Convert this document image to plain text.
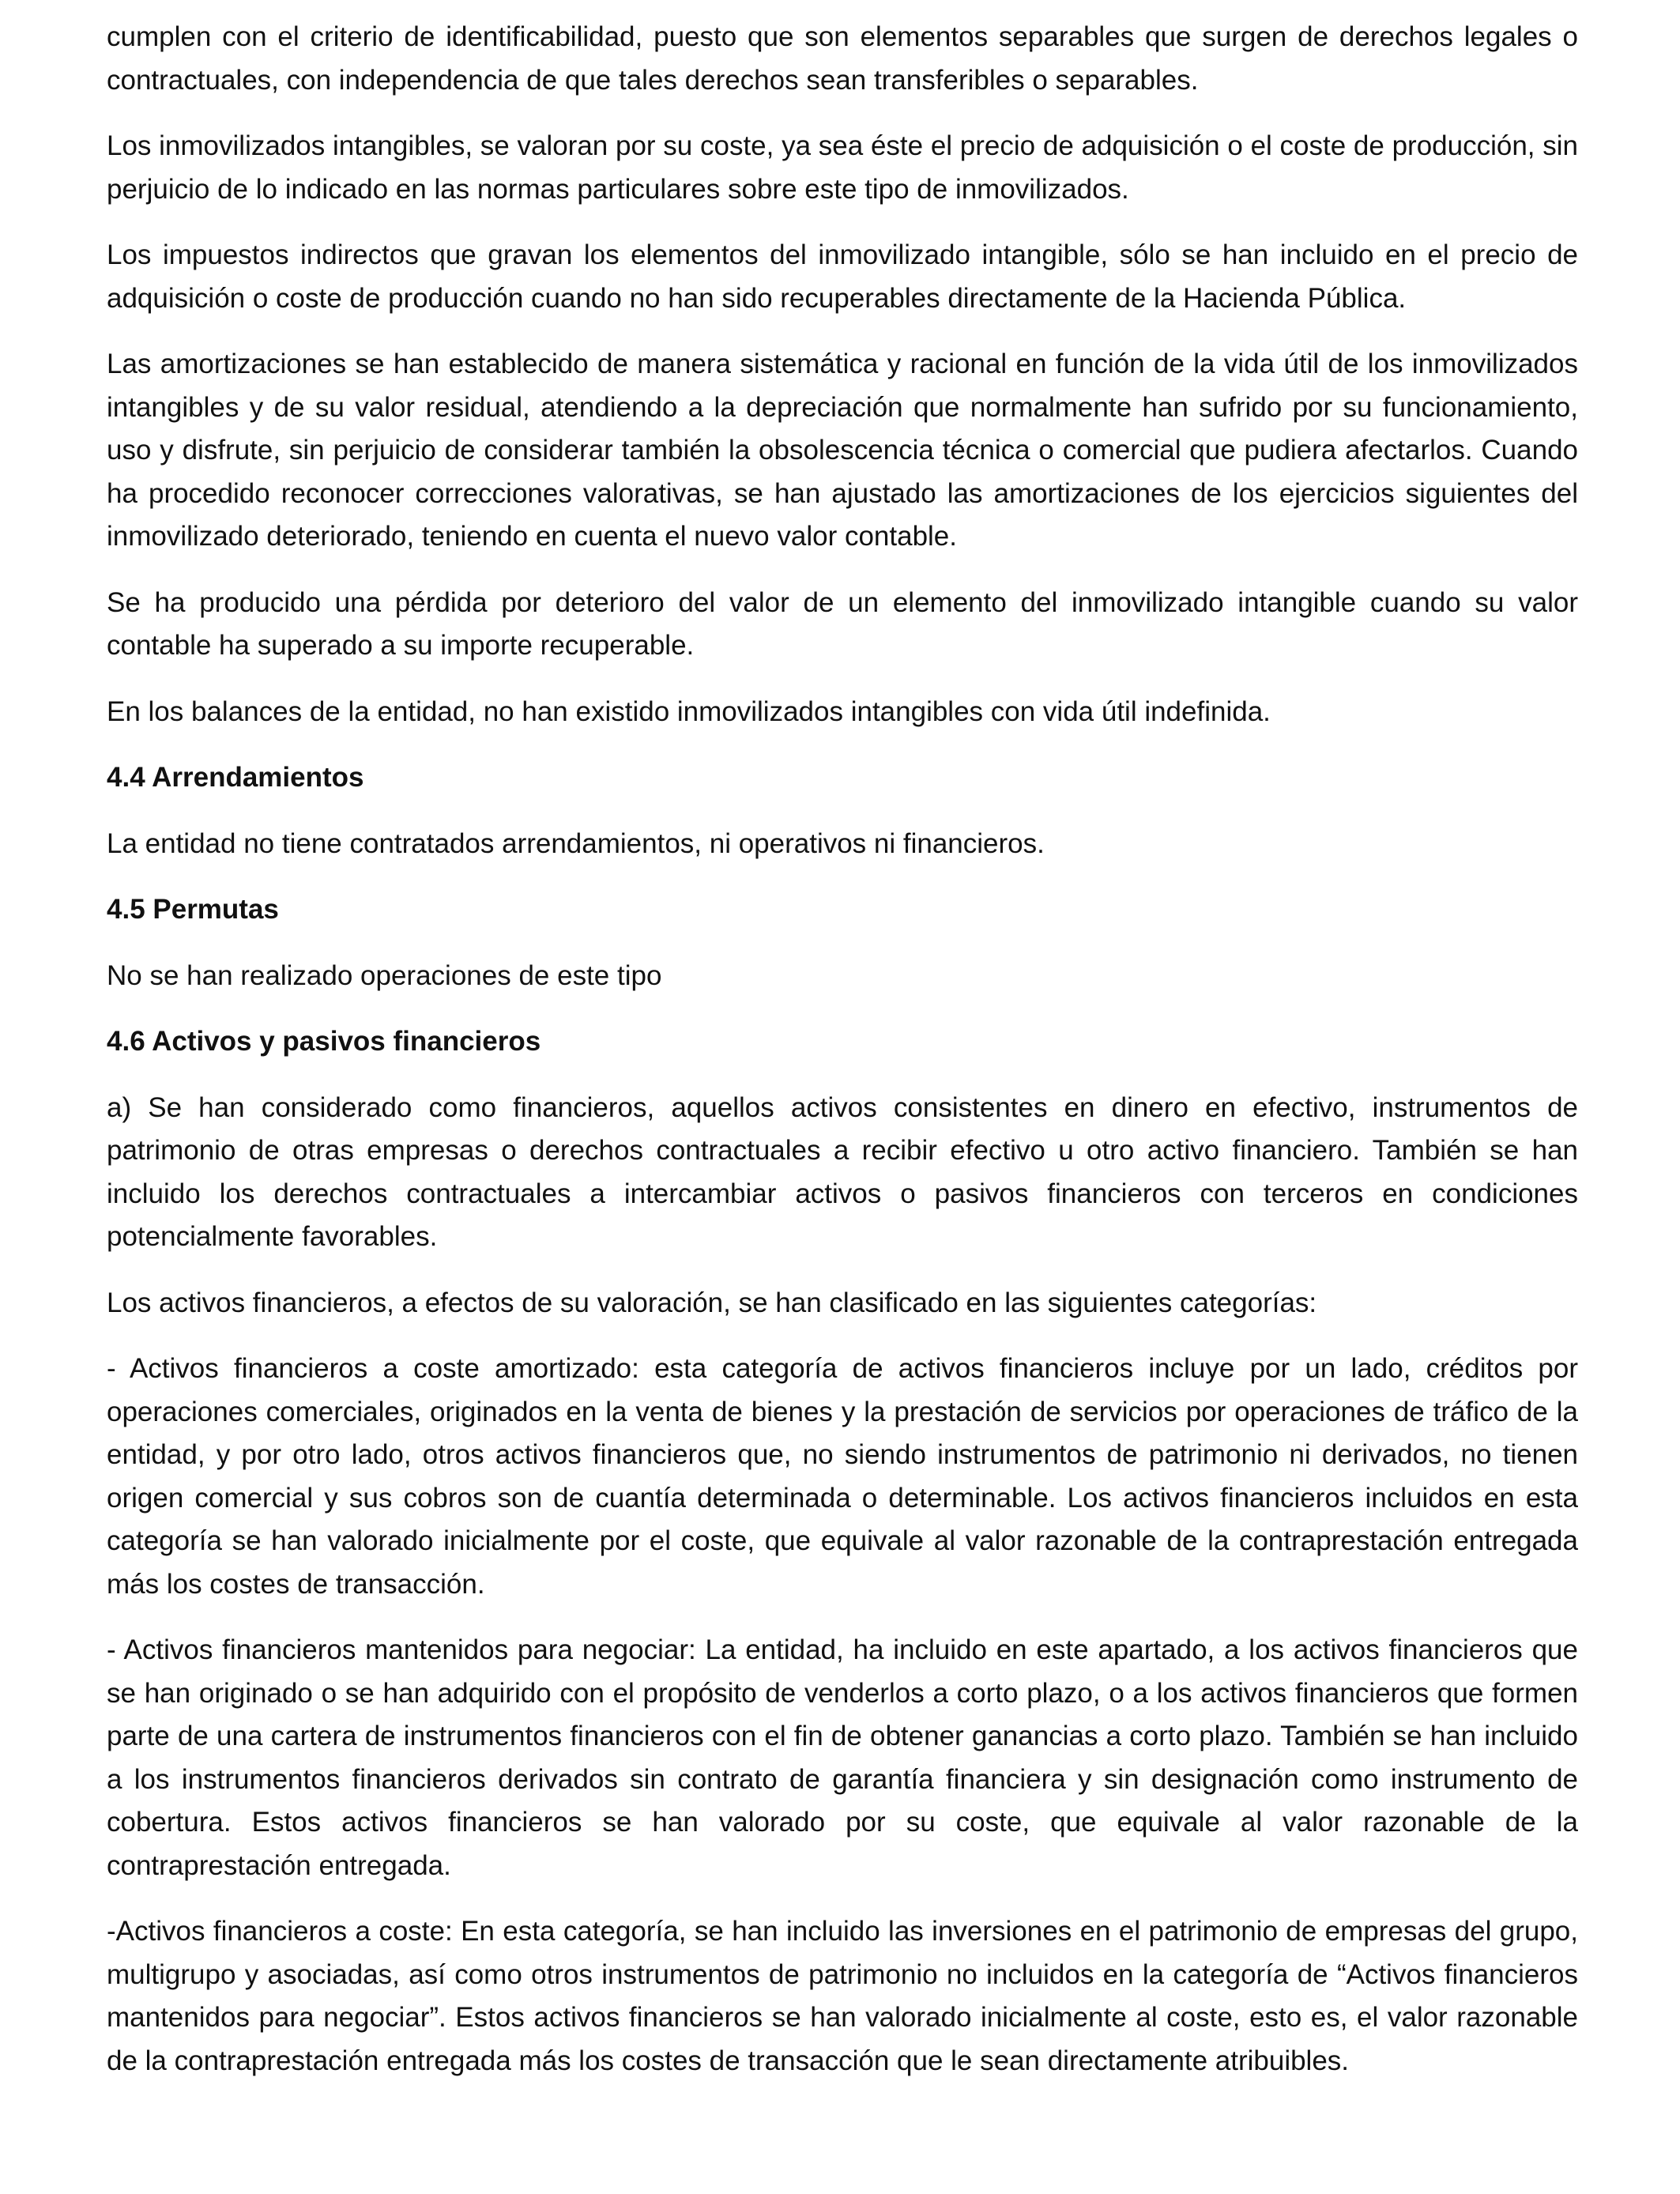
cumplen con el criterio de identificabilidad, puesto que son elementos separables que surgen de derechos legales o contractuales, con independencia de que tales derechos sean transferibles o separables.

Los inmovilizados intangibles, se valoran por su coste, ya sea éste el precio de adquisición o el coste de producción, sin perjuicio de lo indicado en las normas particulares sobre este tipo de inmovilizados.

Los impuestos indirectos que gravan los elementos del inmovilizado intangible, sólo se han incluido en el precio de adquisición o coste de producción cuando no han sido recuperables directamente de la Hacienda Pública.

Las amortizaciones se han establecido de manera sistemática y racional en función de la vida útil de los inmovilizados intangibles y de su valor residual, atendiendo a la depreciación que normalmente han sufrido por su funcionamiento, uso y disfrute, sin perjuicio de considerar también la obsolescencia técnica o comercial que pudiera afectarlos. Cuando ha procedido reconocer correcciones valorativas, se han ajustado las amortizaciones de los ejercicios siguientes del inmovilizado deteriorado, teniendo en cuenta el nuevo valor contable.

Se ha producido una pérdida por deterioro del valor de un elemento del inmovilizado intangible cuando su valor contable ha superado a su importe recuperable.

En los balances de la entidad, no han existido inmovilizados intangibles con vida útil indefinida.

4.4 Arrendamientos

La entidad no tiene contratados arrendamientos, ni operativos ni financieros.

4.5 Permutas

No se han realizado operaciones de este tipo

4.6 Activos y pasivos financieros

a) Se han considerado como financieros, aquellos activos consistentes en dinero en efectivo, instrumentos de patrimonio de otras empresas o derechos contractuales a recibir efectivo u otro activo financiero. También se han incluido los derechos contractuales a intercambiar activos o pasivos financieros con terceros en condiciones potencialmente favorables.

Los activos financieros, a efectos de su valoración, se han clasificado en las siguientes categorías:

- Activos financieros a coste amortizado: esta categoría de activos financieros incluye por un lado, créditos por operaciones comerciales, originados en la venta de bienes y la prestación de servicios por operaciones de tráfico de la entidad, y por otro lado, otros activos financieros que, no siendo instrumentos de patrimonio ni derivados, no tienen origen comercial y sus cobros son de cuantía determinada o determinable. Los activos financieros incluidos en esta categoría se han valorado inicialmente por el coste, que equivale al valor razonable de la contraprestación entregada más los costes de transacción.

- Activos financieros mantenidos para negociar: La entidad, ha incluido en este apartado, a los activos financieros que se han originado o se han adquirido con el propósito de venderlos a corto plazo, o a los activos financieros que formen parte de una cartera de instrumentos financieros con el fin de obtener ganancias a corto plazo. También se han incluido a los instrumentos financieros derivados sin contrato de garantía financiera y sin designación como instrumento de cobertura. Estos activos financieros se han valorado por su coste, que equivale al valor razonable de la contraprestación entregada.

-Activos financieros a coste: En esta categoría, se han incluido las inversiones en el patrimonio de empresas del grupo, multigrupo y asociadas, así como otros instrumentos de patrimonio no incluidos en la categoría de “Activos financieros mantenidos para negociar”. Estos activos financieros se han valorado inicialmente al coste, esto es, el valor razonable de la contraprestación entregada más los costes de transacción que le sean directamente atribuibles.
